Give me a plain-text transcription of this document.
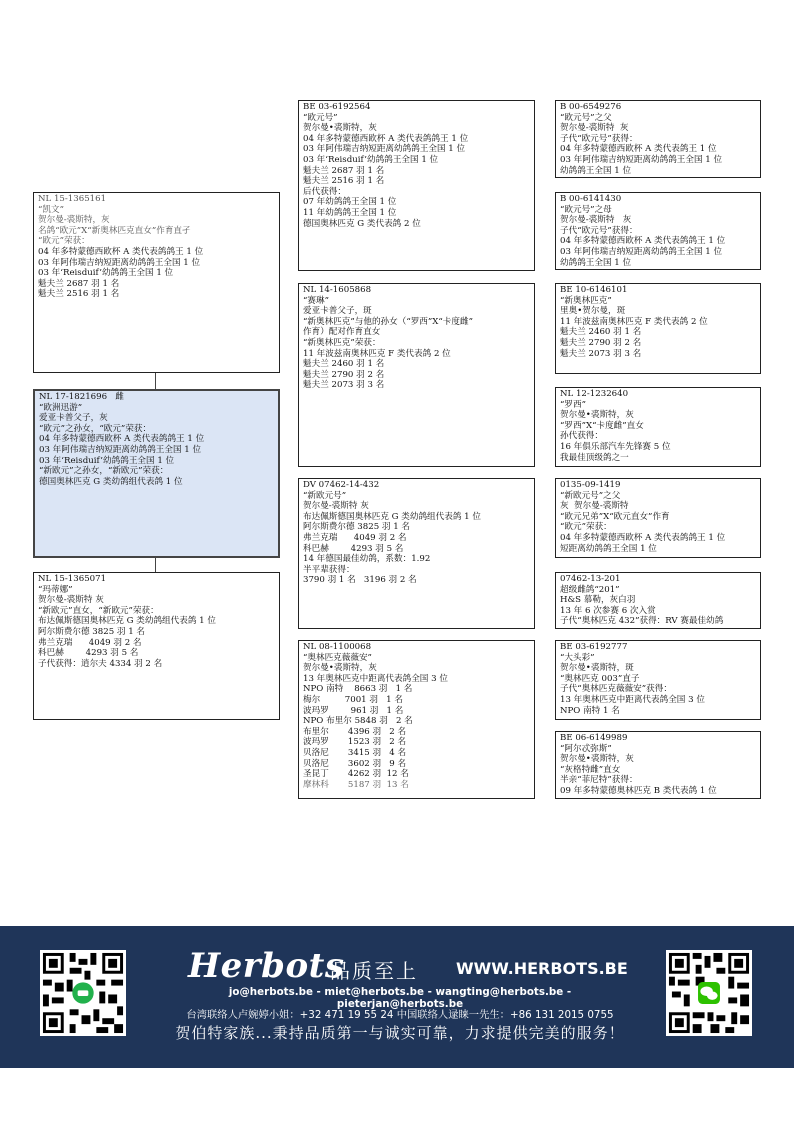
NL 17-1821696   雌
“欧洲迅游”
爱亚卡普父子，灰
“欧元”之孙女，“欧元”荣获：
04 年多特蒙德西欧杯 A 类代表鸽鸽王 1 位
03 年阿伟瑞吉纳短距离幼鸽鸽王全国 1 位
03 年‘Reisduif’幼鸽鸽王全国 1 位
“新欧元”之孙女，“新欧元”荣获：
德国奥林匹克 G 类幼鸽组代表鸽 1 位
NL 15-1365161
“凯文”
贺尔曼-裘斯特，灰
名鸽“欧元”X“新奥林匹克直女”作育直孑
“欧元”荣获：
04 年多特蒙德西欧杯 A 类代表鸽鸽王 1 位
03 年阿伟瑞吉纳短距离幼鸽鸽王全国 1 位
03 年‘Reisduif’幼鸽鸽王全国 1 位
魁夫兰 2687 羽 1 名
魁夫兰 2516 羽 1 名
NL 15-1365071
“玛蒂娜”
贺尔曼-裘斯特 灰
“新欧元”直女，“新欧元”荣获：
布达佩斯德国奥林匹克 G 类幼鸽组代表鸽 1 位
阿尔斯费尔德 3825 羽 1 名
弗兰克瑞      4049 羽 2 名
科巴赫        4293 羽 5 名
子代获得：逍尔夫 4334 羽 2 名
BE 03-6192564
“欧元号”
贺尔曼•裘斯特，灰
04 年多特蒙德西欧杯 A 类代表鸽鸽王 1 位
03 年阿伟瑞吉纳短距离幼鸽鸽王全国 1 位
03 年‘Reisduif’幼鸽鸽王全国 1 位
魁夫兰 2687 羽 1 名
魁夫兰 2516 羽 1 名
后代获得：
07 年幼鸽鸽王全国 1 位
11 年幼鸽鸽王全国 1 位
德国奥林匹克 G 类代表鸽 2 位
NL 14-1605868
“赛琳”
爱亚卡普父子，斑
“新奥林匹克”与他的孙女（“罗西”X“卡度雌”
作育）配对作育直女
“新奥林匹克”荣获：
11 年波兹南奥林匹克 F 类代表鸽 2 位
魁夫兰 2460 羽 1 名
魁夫兰 2790 羽 2 名
魁夫兰 2073 羽 3 名
DV 07462-14-432
“新欧元号”
贺尔曼-裘斯特 灰
布达佩斯德国奥林匹克 G 类幼鸽组代表鸽 1 位
阿尔斯费尔德 3825 羽 1 名
弗兰克瑞      4049 羽 2 名
科巴赫        4293 羽 5 名
14 年德国最佳幼鸽，系数：1.92
半平辈获得：
3790 羽 1 名   3196 羽 2 名
NL 08-1100068
“奥林匹克薇薇安”
贺尔曼•裘斯特，灰
13 年奥林匹克中距离代表鸽全国 3 位
NPO 南特    8663 羽   1 名
梅尔         7001 羽   1 名
波玛罗        961 羽   1 名
NPO 布里尔 5848 羽   2 名
布里尔       4396 羽   2 名
波玛罗       1523 羽   2 名
贝洛尼       3415 羽   4 名
贝洛尼       3602 羽   9 名
圣昆丁       4262 羽  12 名
摩林科       5187 羽  13 名
B 00-6549276
“欧元号”之父
贺尔曼-裘斯特  灰
子代“欧元号”获得：
04 年多特蒙德西欧杯 A 类代表鸽王 1 位
03 年阿伟瑞吉纳短距离幼鸽鸽王全国 1 位
幼鸽鸽王全国 1 位
B 00-6141430
“欧元号”之母
贺尔曼-裘斯特   灰
子代“欧元号”获得：
04 年多特蒙德西欧杯 A 类代表鸽鸽王 1 位
03 年阿伟瑞吉纳短距离幼鸽鸽王全国 1 位
幼鸽鸽王全国 1 位
BE 10-6146101
“新奥林匹克”
里奥•贺尔曼，斑
11 年波兹南奥林匹克 F 类代表鸽 2 位
魁夫兰 2460 羽 1 名
魁夫兰 2790 羽 2 名
魁夫兰 2073 羽 3 名
NL 12-1232640
“罗西”
贺尔曼•裘斯特，灰
“罗西”X“卡度雌”直女
孙代获得：
16 年俱乐部汽车先锋赛 5 位
我最佳顶级鸽之一
0135-09-1419
“新欧元号”之父
灰  贺尔曼-裘斯特
“欧元兄弟”X“欧元直女”作育
“欧元”荣获：
04 年多特蒙德西欧杯 A 类代表鸽鸽王 1 位
短距离幼鸽鸽王全国 1 位
07462-13-201
超级雌鸽“201”
H&S 慕勒，灰白羽
13 年 6 次参赛 6 次入赏
子代“奥林匹克 432”获得：RV 赛最佳幼鸽
BE 03-6192777
“大头彩”
贺尔曼•裘斯特，斑
“奥林匹克 003”直子
子代“奥林匹克薇薇安”获得：
13 年奥林匹克中距离代表鸽全国 3 位
NPO 南特 1 名
BE 06-6149989
“阿尔忒弥斯”
贺尔曼•裘斯特，灰
“灰格特雌”直女
半亲“菲尼特”获得：
09 年多特蒙德奥林匹克 B 类代表鸽 1 位
Herbots
品质至上 WWW.HERBOTS.BE
jo@herbots.be - miet@herbots.be - wangting@herbots.be - pieterjan@herbots.be
台湾联络人卢婉婷小姐：+32 471 19 55 24 中国联络人逯睐一先生：+86 131 2015 0755
贺伯特家族...秉持品质第一与诚实可靠，力求提供完美的服务！
